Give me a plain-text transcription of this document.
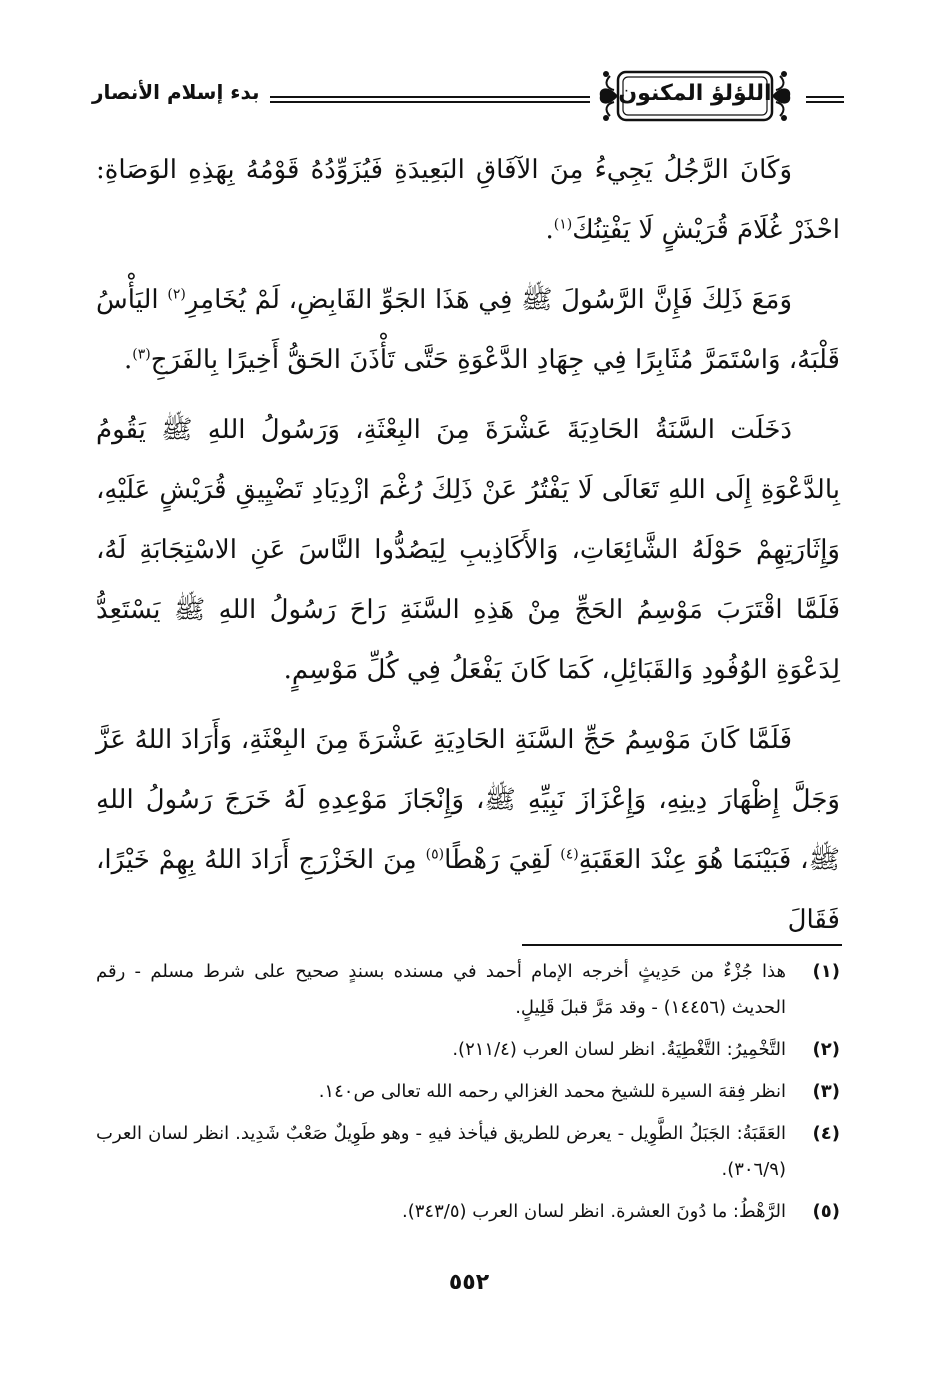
اللؤلؤ المكنون
بدء إسلام الأنصار

وَكَانَ الرَّجُلُ يَجِيءُ مِنَ الآفَاقِ البَعِيدَةِ فَيُزَوِّدُهُ قَوْمُهُ بِهَذِهِ الوَصَاةِ: احْذَرْ غُلَامَ قُرَيْشٍ لَا يَفْتِنُكَ$^{(١)}$.

وَمَعَ ذَلِكَ فَإِنَّ الرَّسُولَ ﷺ فِي هَذَا الجَوِّ القَابِضِ، لَمْ يُخَامِرِ$^{(٢)}$ اليَأْسُ قَلْبَهُ، وَاسْتَمَرَّ مُثَابِرًا فِي جِهَادِ الدَّعْوَةِ حَتَّى تَأْذَنَ الحَقُّ أَخِيرًا بِالفَرَجِ$^{(٣)}$.

دَخَلَت السَّنَةُ الحَادِيَةَ عَشْرَةَ مِنَ البِعْثَةِ، وَرَسُولُ اللهِ ﷺ يَقُومُ بِالدَّعْوَةِ إِلَى اللهِ تَعَالَى لَا يَفْتُرُ عَنْ ذَلِكَ رُغْمَ ازْدِيَادِ تَضْيِيقِ قُرَيْشٍ عَلَيْهِ، وَإِثَارَتِهِمْ حَوْلَهُ الشَّائِعَاتِ، وَالأَكَاذِيبِ لِيَصُدُّوا النَّاسَ عَنِ الاسْتِجَابَةِ لَهُ، فَلَمَّا اقْتَرَبَ مَوْسِمُ الحَجِّ مِنْ هَذِهِ السَّنَةِ رَاحَ رَسُولُ اللهِ ﷺ يَسْتَعِدُّ لِدَعْوَةِ الوُفُودِ وَالقَبَائِلِ، كَمَا كَانَ يَفْعَلُ فِي كُلِّ مَوْسِمٍ.

فَلَمَّا كَانَ مَوْسِمُ حَجِّ السَّنَةِ الحَادِيَةِ عَشْرَةَ مِنَ البِعْثَةِ، وَأَرَادَ اللهُ عَزَّ وَجَلَّ إِظْهَارَ دِينِهِ، وَإِعْزَازَ نَبِيِّهِ ﷺ، وَإِنْجَازَ مَوْعِدِهِ لَهُ خَرَجَ رَسُولُ اللهِ ﷺ، فَبَيْنَمَا هُوَ عِنْدَ العَقَبَةِ$^{(٤)}$ لَقِيَ رَهْطًا$^{(٥)}$ مِنَ الخَزْرَجِ أَرَادَ اللهُ بِهِمْ خَيْرًا، فَقَالَ

(١)
هذا جُزْءٌ من حَدِيثٍ أخرجه الإمام أحمد في مسنده بسندٍ صحيح على شرط مسلم - رقم الحديث (١٤٤٥٦) - وقد مَرَّ قبلَ قَلِيلٍ.
(٢)
التَّخْمِيرُ: التَّغْطِيَةُ. انظر لسان العرب (٢١١/٤).
(٣)
انظر فِقهَ السيرة للشيخ محمد الغزالي رحمه الله تعالى ص١٤٠.
(٤)
العَقَبَةُ: الجَبَلُ الطَّوِيل - يعرض للطريق فيأخذ فيهِ - وهو طَوِيلٌ صَعْبٌ شَدِيد. انظر لسان العرب (٣٠٦/٩).
(٥)
الرَّهْطُ: ما دُونَ العشرة. انظر لسان العرب (٣٤٣/٥).
٥٥٢
